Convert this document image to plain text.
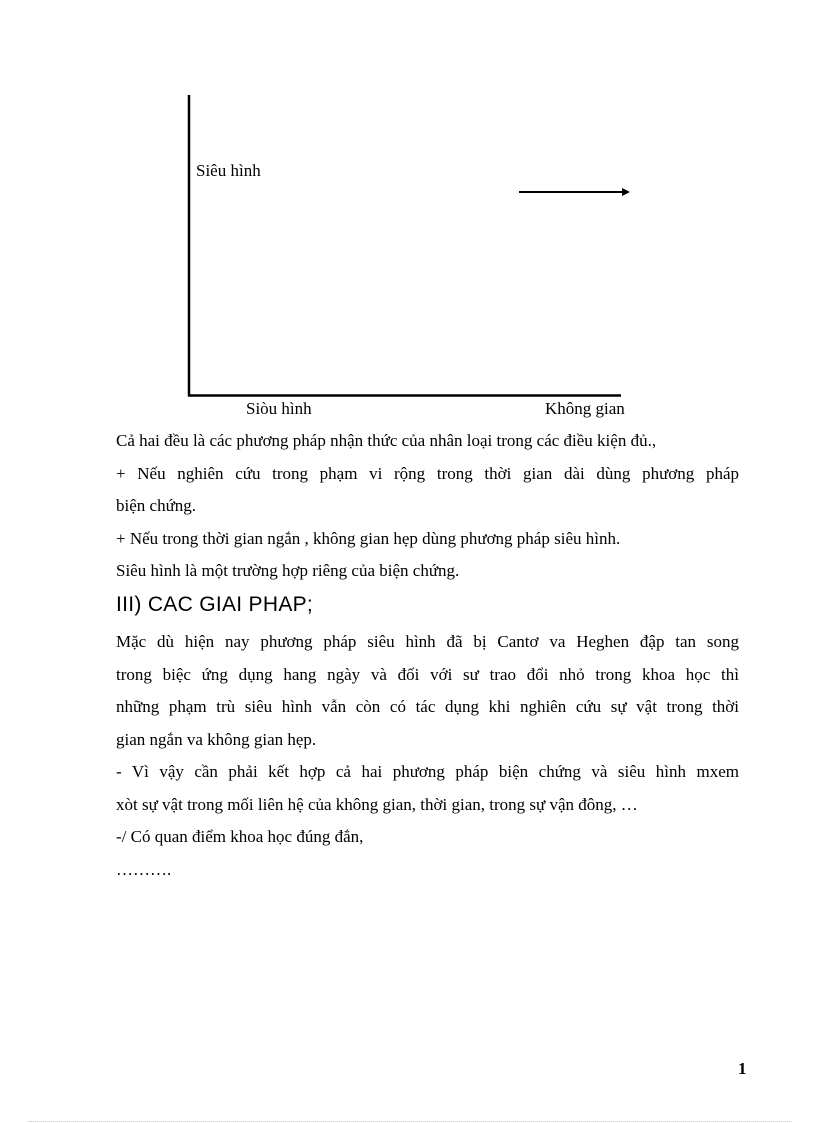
Siêu hình
Siòu hình	Không gian
Cả hai đều là các phương pháp nhận thức của nhân loại trong các điều kiện đủ.,
+ Nếu nghiên cứu trong phạm vi rộng trong thời gian dài dùng phương pháp
biện chứng.
+ Nếu trong thời gian ngắn , không gian hẹp dùng phương pháp siêu hình.
Siêu hình là một trường hợp riêng của biện chứng.
III) CAC GIAI PHAP;
Mặc dù hiện nay phương pháp siêu hình đã bị Cantơ va Heghen đập tan song
trong biệc ứng dụng hang ngày và đối với sư trao đổi nhỏ trong khoa học thì
những phạm trù siêu hình vẫn còn có tác dụng khi nghiên cứu sự vật trong thời
gian ngắn va không gian hẹp.
- Vì vậy cần phải kết hợp cả hai phương pháp biện chứng và siêu hình mxem
xòt sự vật trong mối liên hệ của không gian, thời gian, trong sự vận đông, …
-/ Có quan điểm khoa học đúng đắn,
……….
1
